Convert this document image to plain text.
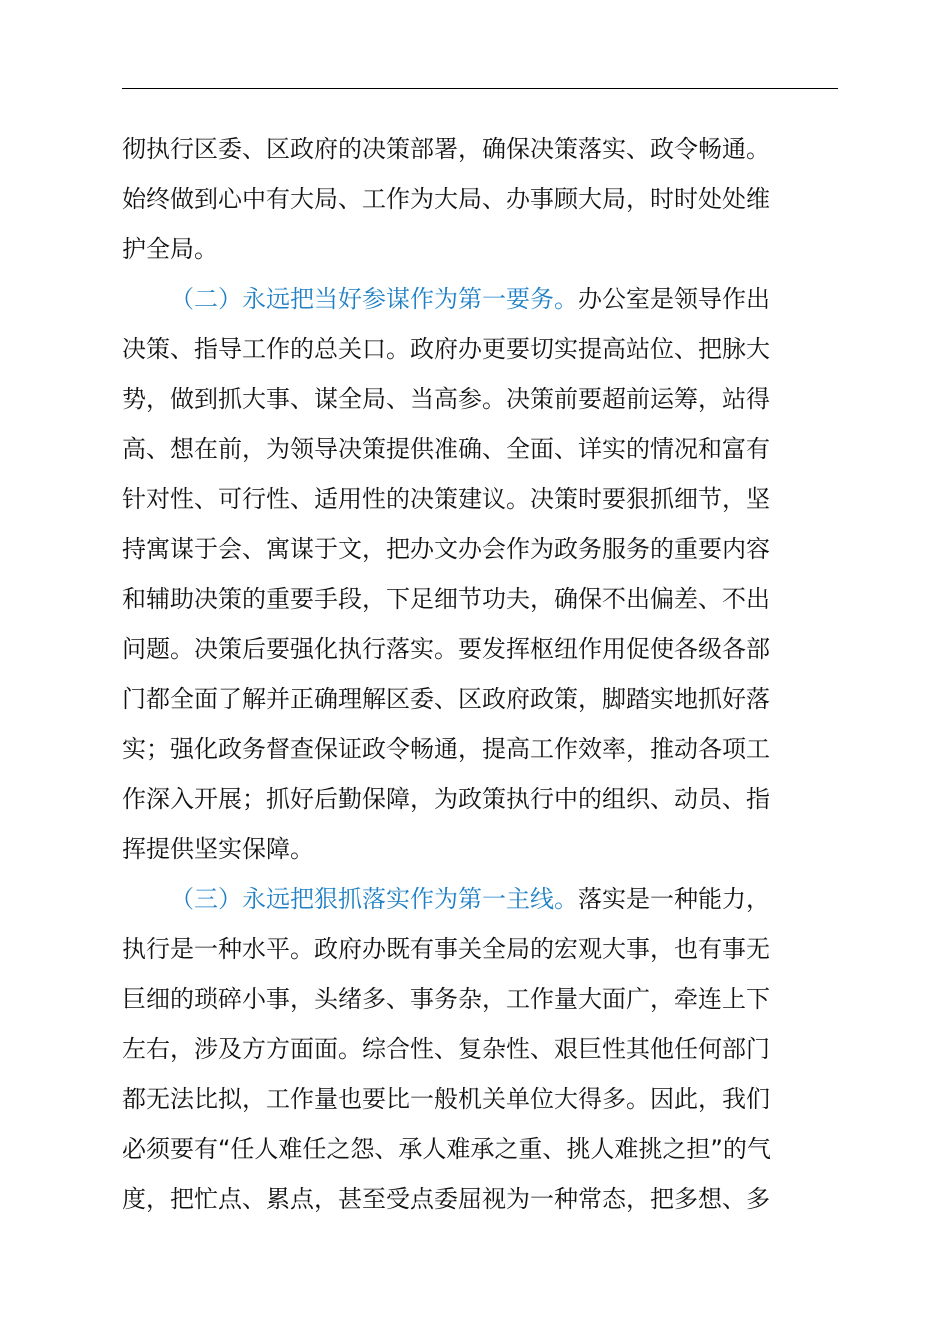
彻执行区委、区政府的决策部署，确保决策落实、政令畅通。
始终做到心中有大局、工作为大局、办事顾大局，时时处处维
护全局。
（二）永远把当好参谋作为第一要务。办公室是领导作出
决策、指导工作的总关口。政府办更要切实提高站位、把脉大
势，做到抓大事、谋全局、当高参。决策前要超前运筹，站得
高、想在前，为领导决策提供准确、全面、详实的情况和富有
针对性、可行性、适用性的决策建议。决策时要狠抓细节，坚
持寓谋于会、寓谋于文，把办文办会作为政务服务的重要内容
和辅助决策的重要手段，下足细节功夫，确保不出偏差、不出
问题。决策后要强化执行落实。要发挥枢纽作用促使各级各部
门都全面了解并正确理解区委、区政府政策，脚踏实地抓好落
实；强化政务督查保证政令畅通，提高工作效率，推动各项工
作深入开展；抓好后勤保障，为政策执行中的组织、动员、指
挥提供坚实保障。
（三）永远把狠抓落实作为第一主线。落实是一种能力，
执行是一种水平。政府办既有事关全局的宏观大事，也有事无
巨细的琐碎小事，头绪多、事务杂，工作量大面广，牵连上下
左右，涉及方方面面。综合性、复杂性、艰巨性其他任何部门
都无法比拟，工作量也要比一般机关单位大得多。因此，我们
必须要有“任人难任之怨、承人难承之重、挑人难挑之担”的气
度，把忙点、累点，甚至受点委屈视为一种常态，把多想、多
